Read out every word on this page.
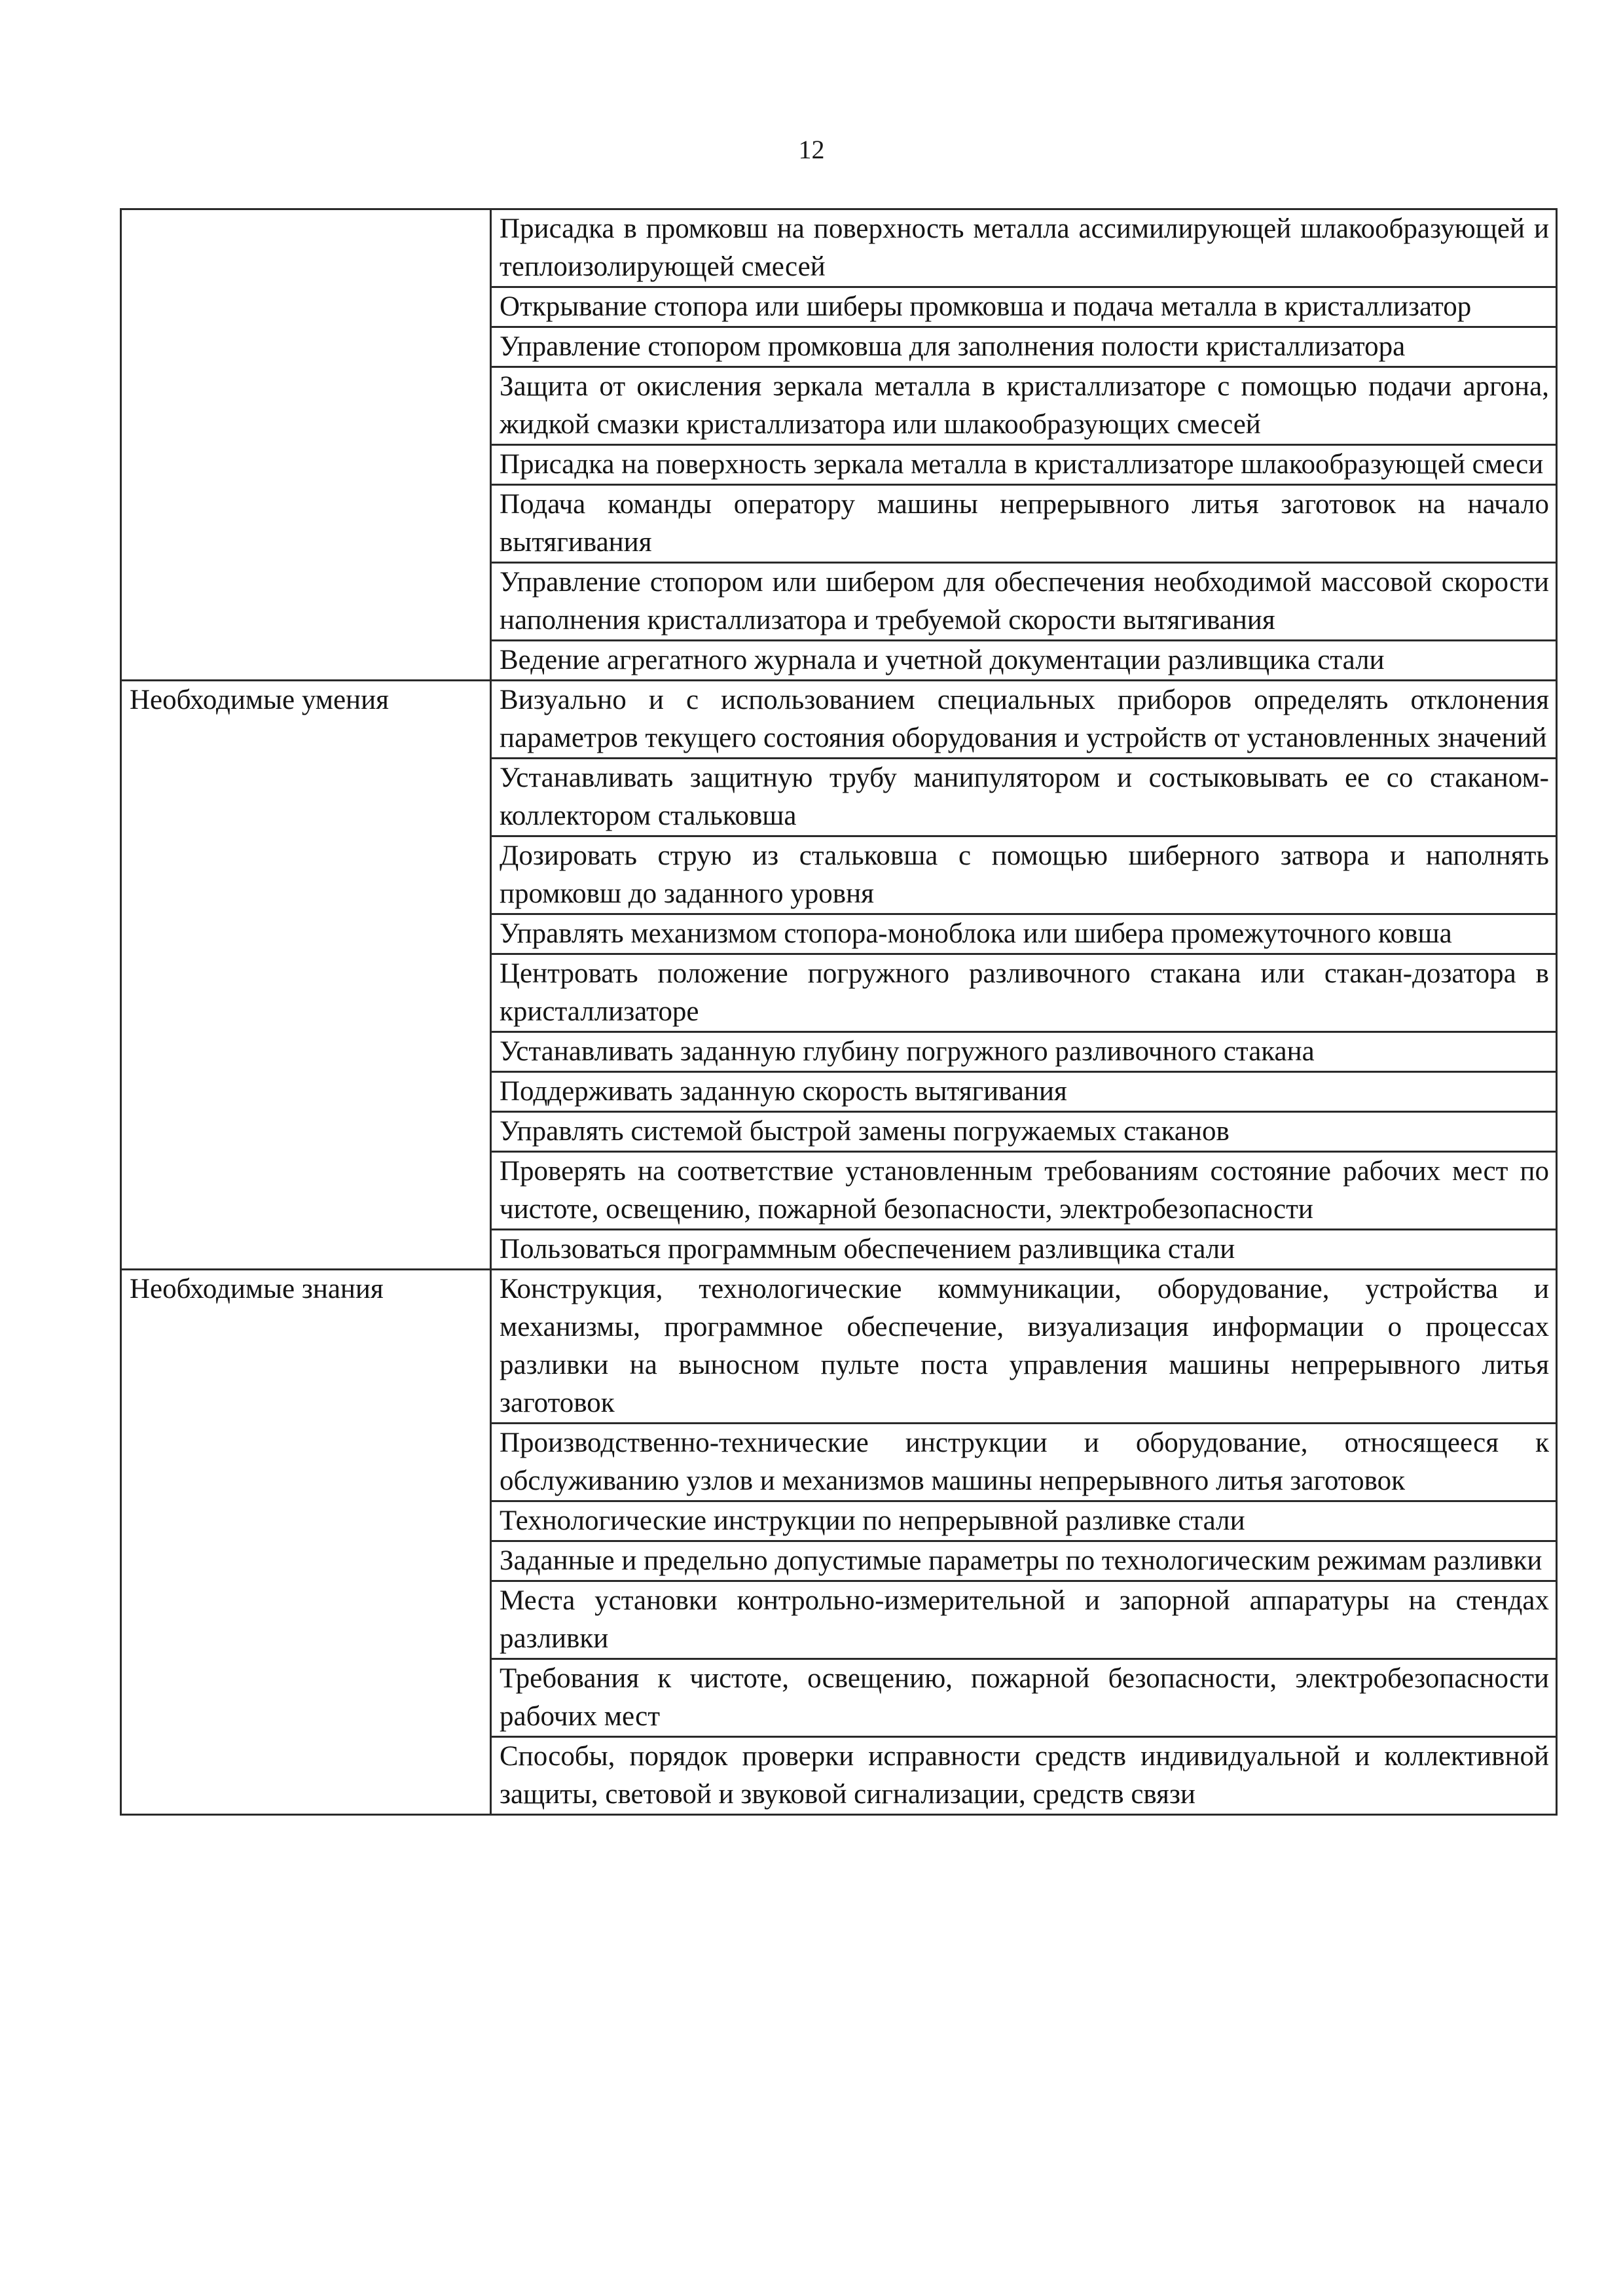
12
	Присадка в промковш на поверхность металла ассимилирующей шлакообразующей и теплоизолирующей смесей
	Открывание стопора или шиберы промковша и подача металла в кристаллизатор
	Управление стопором промковша для заполнения полости кристаллизатора
	Защита от окисления зеркала металла в кристаллизаторе с помощью подачи аргона, жидкой смазки кристаллизатора или шлакообразующих смесей
	Присадка на поверхность зеркала металла в кристаллизаторе шлакообразующей смеси
	Подача команды оператору машины непрерывного литья заготовок на начало вытягивания
	Управление стопором или шибером для обеспечения необходимой массовой скорости наполнения кристаллизатора и требуемой скорости вытягивания
	Ведение агрегатного журнала и учетной документации разливщика стали
Необходимые умения	Визуально и с использованием специальных приборов определять отклонения параметров текущего состояния оборудования и устройств от установленных значений
	Устанавливать защитную трубу манипулятором и состыковывать ее со стаканом-коллектором стальковша
	Дозировать струю из стальковша с помощью шиберного затвора и наполнять промковш до заданного уровня
	Управлять механизмом стопора-моноблока или шибера промежуточного ковша
	Центровать положение погружного разливочного стакана или стакан-дозатора в кристаллизаторе
	Устанавливать заданную глубину погружного разливочного стакана
	Поддерживать заданную скорость вытягивания
	Управлять системой быстрой замены погружаемых стаканов
	Проверять на соответствие установленным требованиям состояние рабочих мест по чистоте, освещению, пожарной безопасности, электробезопасности
	Пользоваться программным обеспечением разливщика стали
Необходимые знания	Конструкция, технологические коммуникации, оборудование, устройства и механизмы, программное обеспечение, визуализация информации о процессах разливки на выносном пульте поста управления машины непрерывного литья заготовок
	Производственно-технические инструкции и оборудование, относящееся к обслуживанию узлов и механизмов машины непрерывного литья заготовок
	Технологические инструкции по непрерывной разливке стали
	Заданные и предельно допустимые параметры по технологическим режимам разливки
	Места установки контрольно-измерительной и запорной аппаратуры на стендах разливки
	Требования к чистоте, освещению, пожарной безопасности, электробезопасности рабочих мест
	Способы, порядок проверки исправности средств индивидуальной и коллективной защиты, световой и звуковой сигнализации, средств связи
